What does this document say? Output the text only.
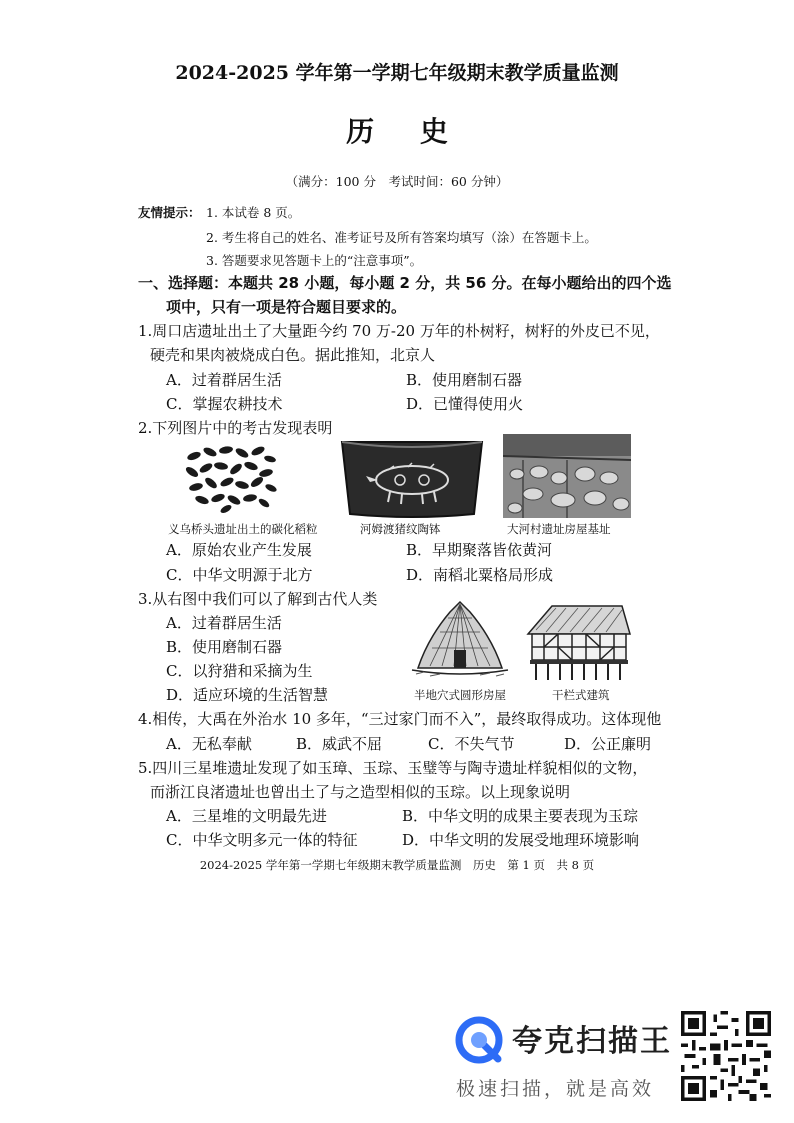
2024-2025 学年第一学期七年级期末教学质量监测
历 史
（满分：100 分　考试时间：60 分钟）
友情提示： 1. 本试卷 8 页。
2. 考生将自己的姓名、准考证号及所有答案均填写（涂）在答题卡上。
3. 答题要求见答题卡上的“注意事项”。
一、选择题：本题共 28 小题，每小题 2 分，共 56 分。在每小题给出的四个选
项中，只有一项是符合题目要求的。
1.周口店遗址出土了大量距今约 70 万-20 万年的朴树籽，树籽的外皮已不见，
硬壳和果肉被烧成白色。据此推知，北京人
A．过着群居生活	B．使用磨制石器
C．掌握农耕技术	D．已懂得使用火
2.下列图片中的考古发现表明
义乌桥头遗址出土的碳化稻粒	河姆渡猪纹陶钵	大河村遗址房屋基址
A．原始农业产生发展	B．早期聚落皆依黄河
C．中华文明源于北方	D．南稻北粟格局形成
3.从右图中我们可以了解到古代人类
A．过着群居生活
B．使用磨制石器
C．以狩猎和采摘为生
D．适应环境的生活智慧	半地穴式圆形房屋	干栏式建筑
4.相传，大禹在外治水 10 多年，“三过家门而不入”，最终取得成功。这体现他
A．无私奉献	B．威武不屈	C．不失气节	D．公正廉明
5.四川三星堆遗址发现了如玉璋、玉琮、玉璧等与陶寺遗址样貌相似的文物，
而浙江良渚遗址也曾出土了与之造型相似的玉琮。以上现象说明
A．三星堆的文明最先进	B．中华文明的成果主要表现为玉琮
C．中华文明多元一体的特征	D．中华文明的发展受地理环境影响
2024-2025 学年第一学期七年级期末教学质量监测　历史　第 1 页　共 8 页
夸克扫描王
极速扫描，就是高效
